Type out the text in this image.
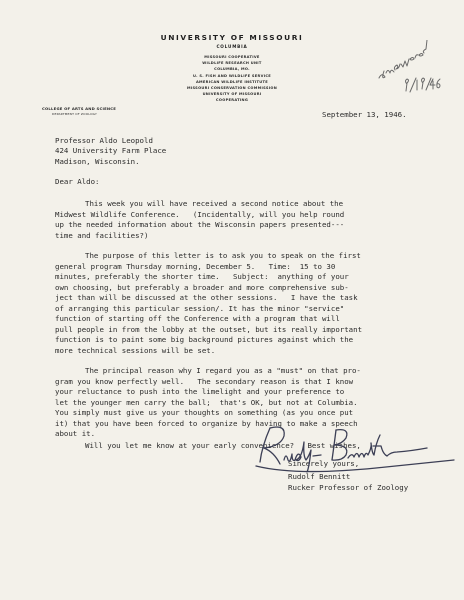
UNIVERSITY OF MISSOURI
COLUMBIA
MISSOURI COOPERATIVE
WILDLIFE RESEARCH UNIT
COLUMBIA, MO.
U. S. FISH AND WILDLIFE SERVICE
AMERICAN WILDLIFE INSTITUTE
MISSOURI CONSERVATION COMMISSION
UNIVERSITY OF MISSOURI
COOPERATING
COLLEGE OF ARTS AND SCIENCE
DEPARTMENT OF ZOOLOGY	September 13, 1946.
Professor Aldo Leopold
424 University Farm Place
Madison, Wisconsin.
Dear Aldo:
This week you will have received a second notice about the
Midwest Wildlife Conference.   (Incidentally, will you help round
up the needed information about the Wisconsin papers presented---
time and facilities?)
The purpose of this letter is to ask you to speak on the first
general program Thursday morning, December 5.   Time:  15 to 30
minutes, preferably the shorter time.   Subject:  anything of your
own choosing, but preferably a broader and more comprehensive sub-
ject than will be discussed at the other sessions.   I have the task
of arranging this particular session/. It has the minor "service"
function of starting off the Conference with a program that will
pull people in from the lobby at the outset, but its really important
function is to paint some big background pictures against which the
more technical sessions will be set.
The principal reason why I regard you as a "must" on that pro-
gram you know perfectly well.   The secondary reason is that I know
your reluctance to push into the limelight and your preference to
let the younger men carry the ball;  that's OK, but not at Columbia.
You simply must give us your thoughts on something (as you once put
it) that you have been forced to organize by having to make a speech
about it.
Will you let me know at your early convenience?   Best wishes,
Sincerely yours,
Rudolf Bennitt
Rucker Professor of Zoology
